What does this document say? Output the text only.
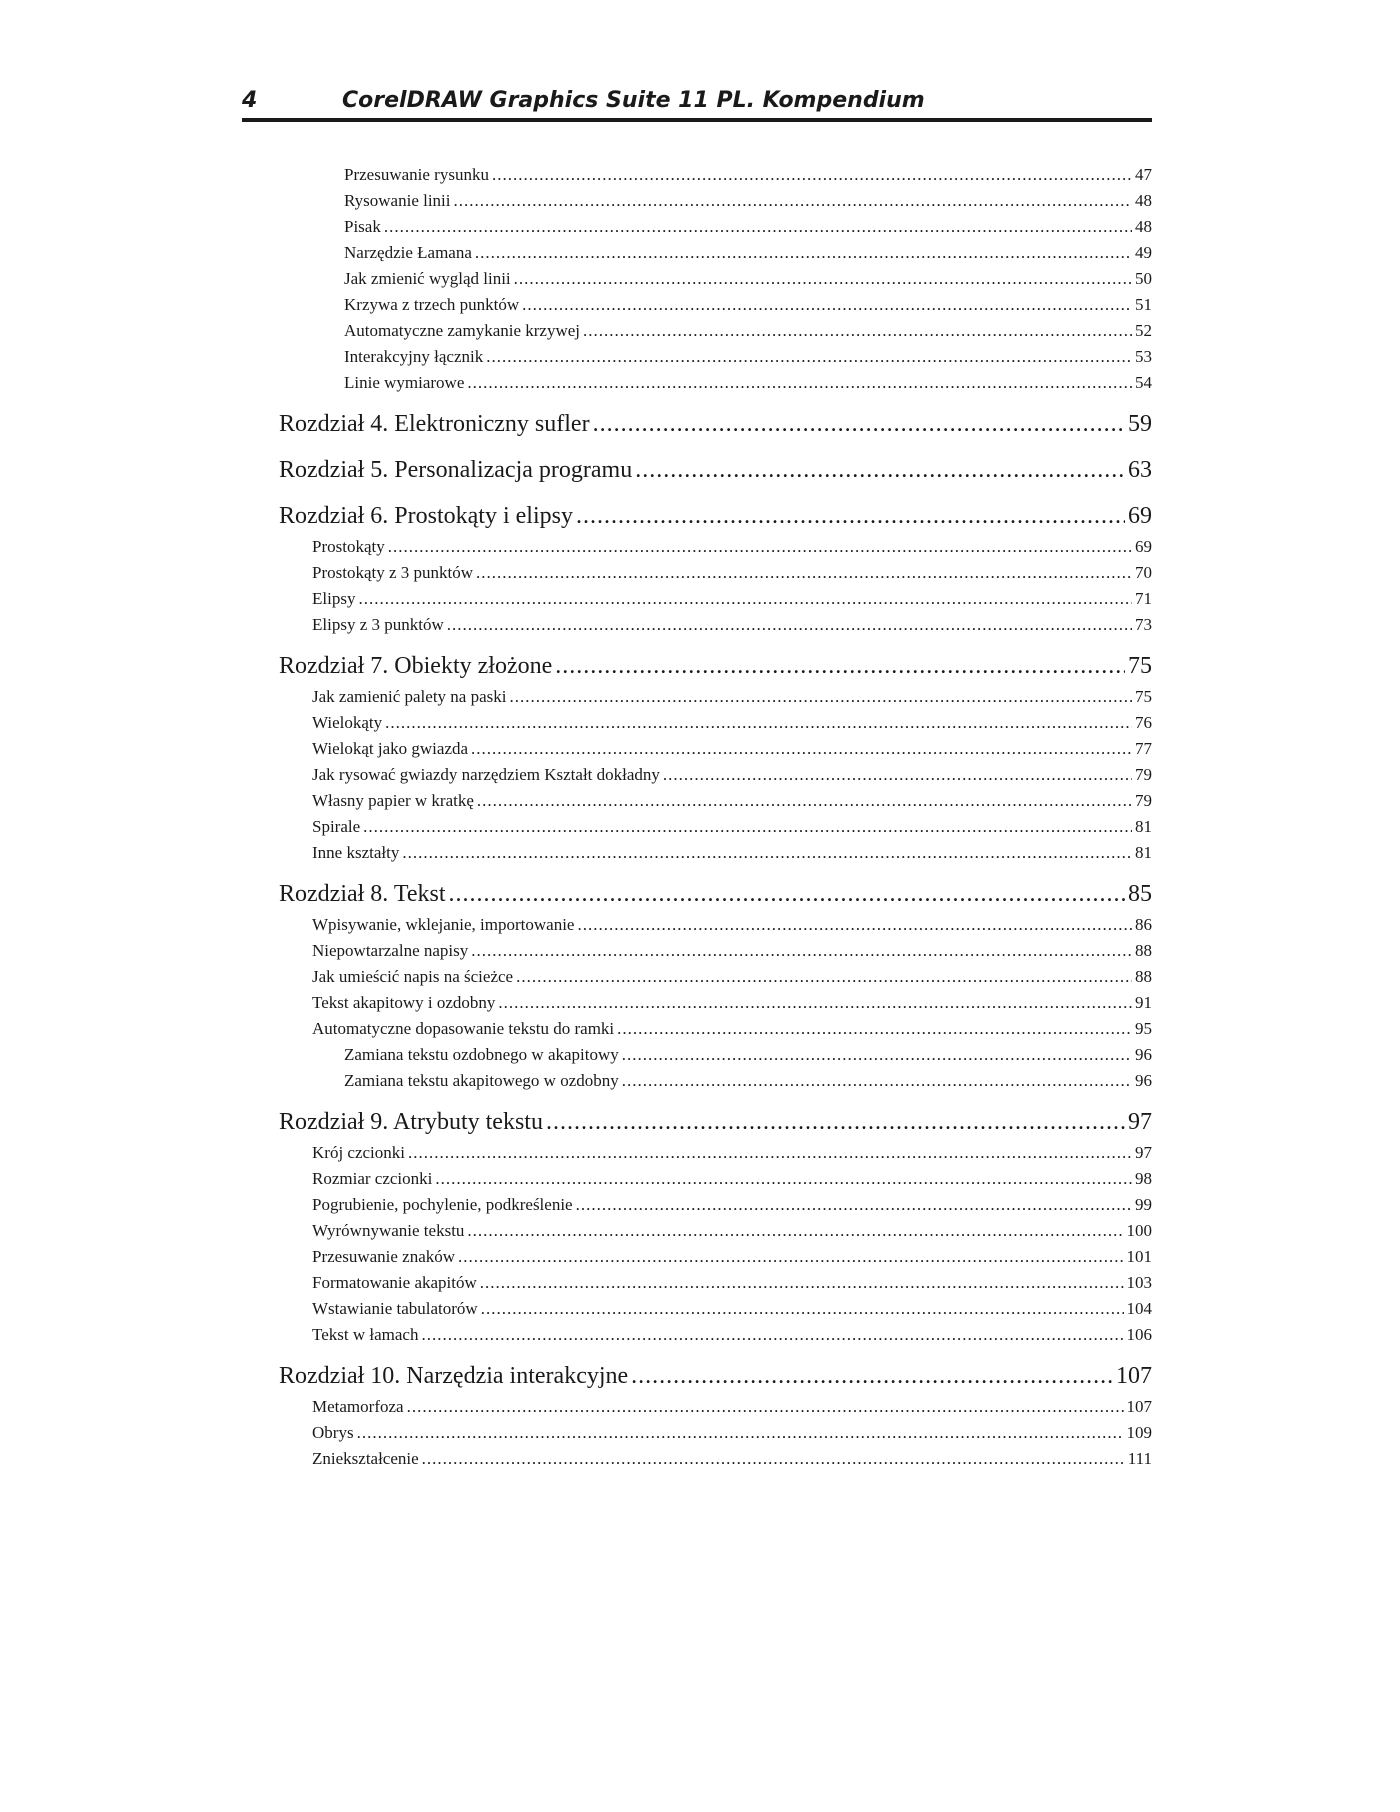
4	CorelDRAW Graphics Suite 11 PL. Kompendium
Przesuwanie rysunku .....	47
Rysowanie linii .....	48
Pisak .....	48
Narzędzie Łamana .....	49
Jak zmienić wygląd linii .....	50
Krzywa z trzech punktów .....	51
Automatyczne zamykanie krzywej .....	52
Interakcyjny łącznik .....	53
Linie wymiarowe .....	54
Rozdział 4. Elektroniczny sufler .....	59
Rozdział 5. Personalizacja programu .....	63
Rozdział 6. Prostokąty i elipsy .....	69
Prostokąty .....	69
Prostokąty z 3 punktów .....	70
Elipsy .....	71
Elipsy z 3 punktów .....	73
Rozdział 7. Obiekty złożone .....	75
Jak zamienić palety na paski .....	75
Wielokąty .....	76
Wielokąt jako gwiazda .....	77
Jak rysować gwiazdy narzędziem Kształt dokładny .....	79
Własny papier w kratkę .....	79
Spirale .....	81
Inne kształty .....	81
Rozdział 8. Tekst .....	85
Wpisywanie, wklejanie, importowanie .....	86
Niepowtarzalne napisy .....	88
Jak umieścić napis na ścieżce .....	88
Tekst akapitowy i ozdobny .....	91
Automatyczne dopasowanie tekstu do ramki .....	95
Zamiana tekstu ozdobnego w akapitowy .....	96
Zamiana tekstu akapitowego w ozdobny .....	96
Rozdział 9. Atrybuty tekstu .....	97
Krój czcionki .....	97
Rozmiar czcionki .....	98
Pogrubienie, pochylenie, podkreślenie .....	99
Wyrównywanie tekstu .....	100
Przesuwanie znaków .....	101
Formatowanie akapitów .....	103
Wstawianie tabulatorów .....	104
Tekst w łamach .....	106
Rozdział 10. Narzędzia interakcyjne .....	107
Metamorfoza .....	107
Obrys .....	109
Zniekształcenie .....	111
